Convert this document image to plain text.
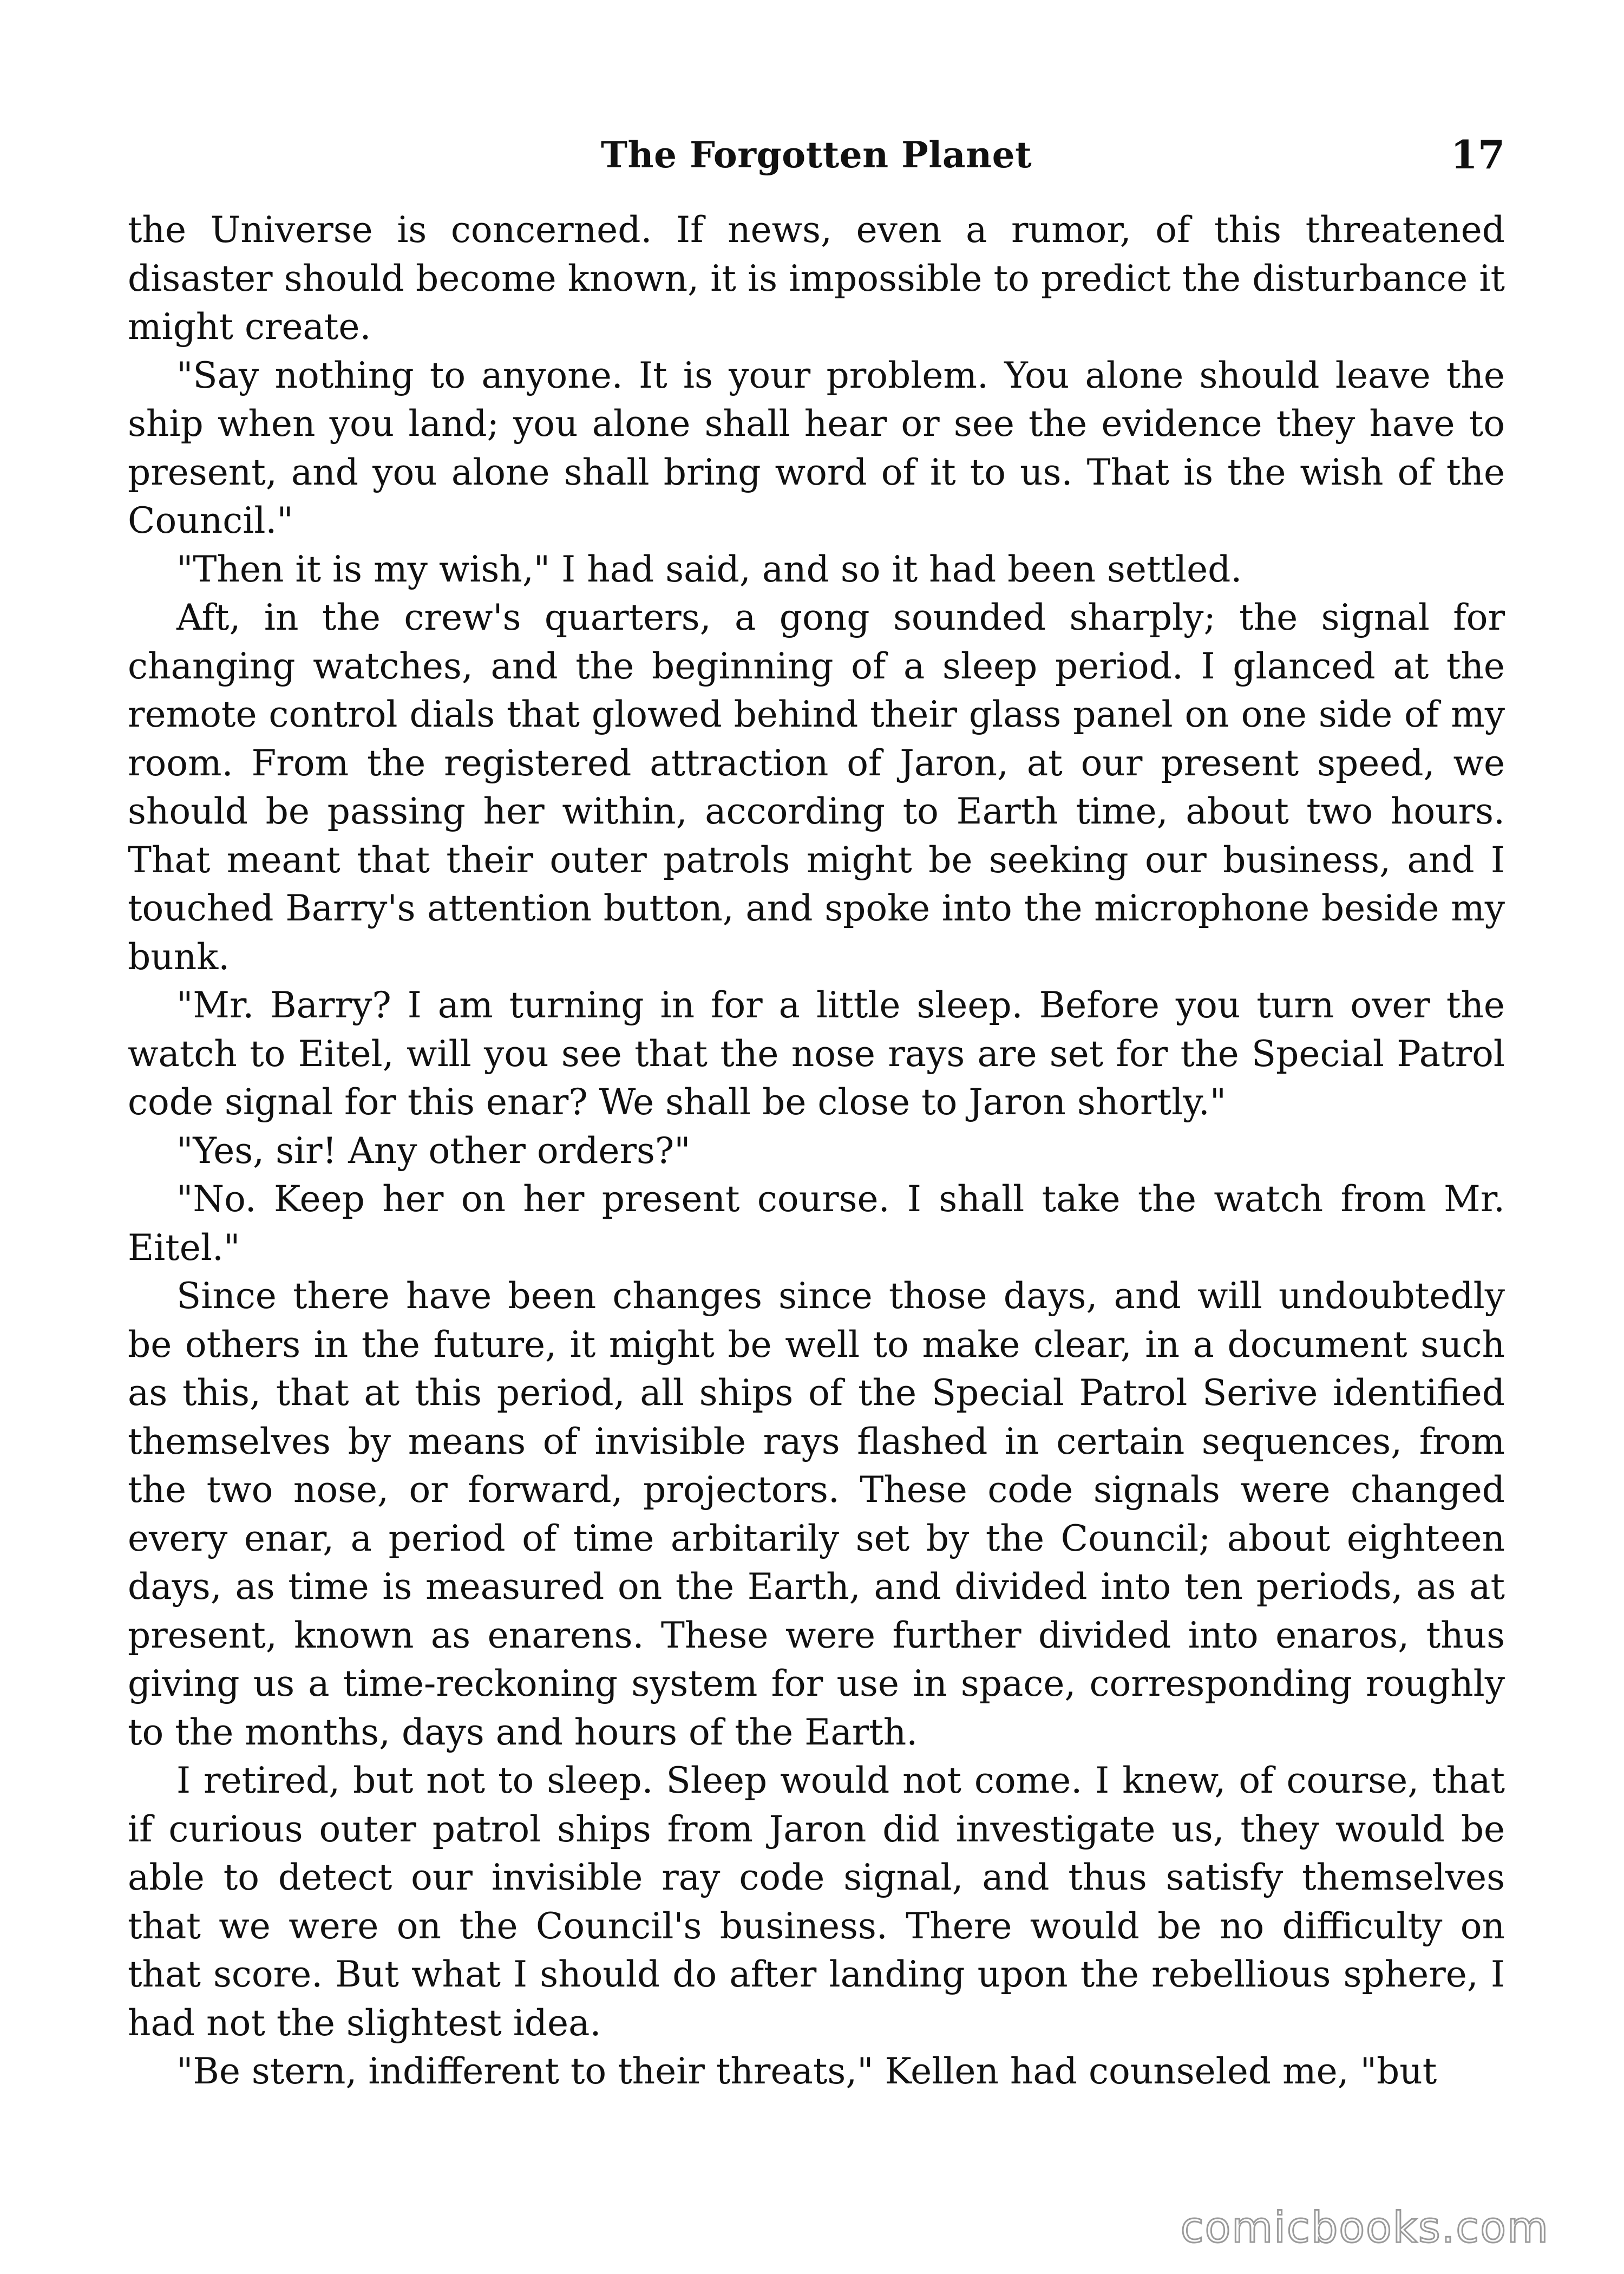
The Forgotten Planet	17

the Universe is concerned. If news, even a rumor, of this threatened disaster should become known, it is impossible to predict the disturbance it might create.

"Say nothing to anyone. It is your problem. You alone should leave the ship when you land; you alone shall hear or see the evidence they have to present, and you alone shall bring word of it to us. That is the wish of the Council."

"Then it is my wish," I had said, and so it had been settled.

Aft, in the crew's quarters, a gong sounded sharply; the signal for changing watches, and the beginning of a sleep period. I glanced at the remote control dials that glowed behind their glass panel on one side of my room. From the registered attraction of Jaron, at our present speed, we should be passing her within, according to Earth time, about two hours. That meant that their outer patrols might be seeking our business, and I touched Barry's attention button, and spoke into the microphone beside my bunk.

"Mr. Barry? I am turning in for a little sleep. Before you turn over the watch to Eitel, will you see that the nose rays are set for the Special Patrol code signal for this enar? We shall be close to Jaron shortly."

"Yes, sir! Any other orders?"

"No. Keep her on her present course. I shall take the watch from Mr. Eitel."

Since there have been changes since those days, and will undoubtedly be others in the future, it might be well to make clear, in a document such as this, that at this period, all ships of the Special Patrol Serive identified themselves by means of invisible rays flashed in certain sequences, from the two nose, or forward, projectors. These code signals were changed every enar, a period of time arbitarily set by the Council; about eighteen days, as time is measured on the Earth, and divided into ten periods, as at present, known as enarens. These were further divided into enaros, thus giving us a time-reckoning system for use in space, corresponding roughly to the months, days and hours of the Earth.

I retired, but not to sleep. Sleep would not come. I knew, of course, that if curious outer patrol ships from Jaron did investigate us, they would be able to detect our invisible ray code signal, and thus satisfy themselves that we were on the Council's business. There would be no difficulty on that score. But what I should do after landing upon the rebellious sphere, I had not the slightest idea.

"Be stern, indifferent to their threats," Kellen had counseled me, "but

comicbooks.com
